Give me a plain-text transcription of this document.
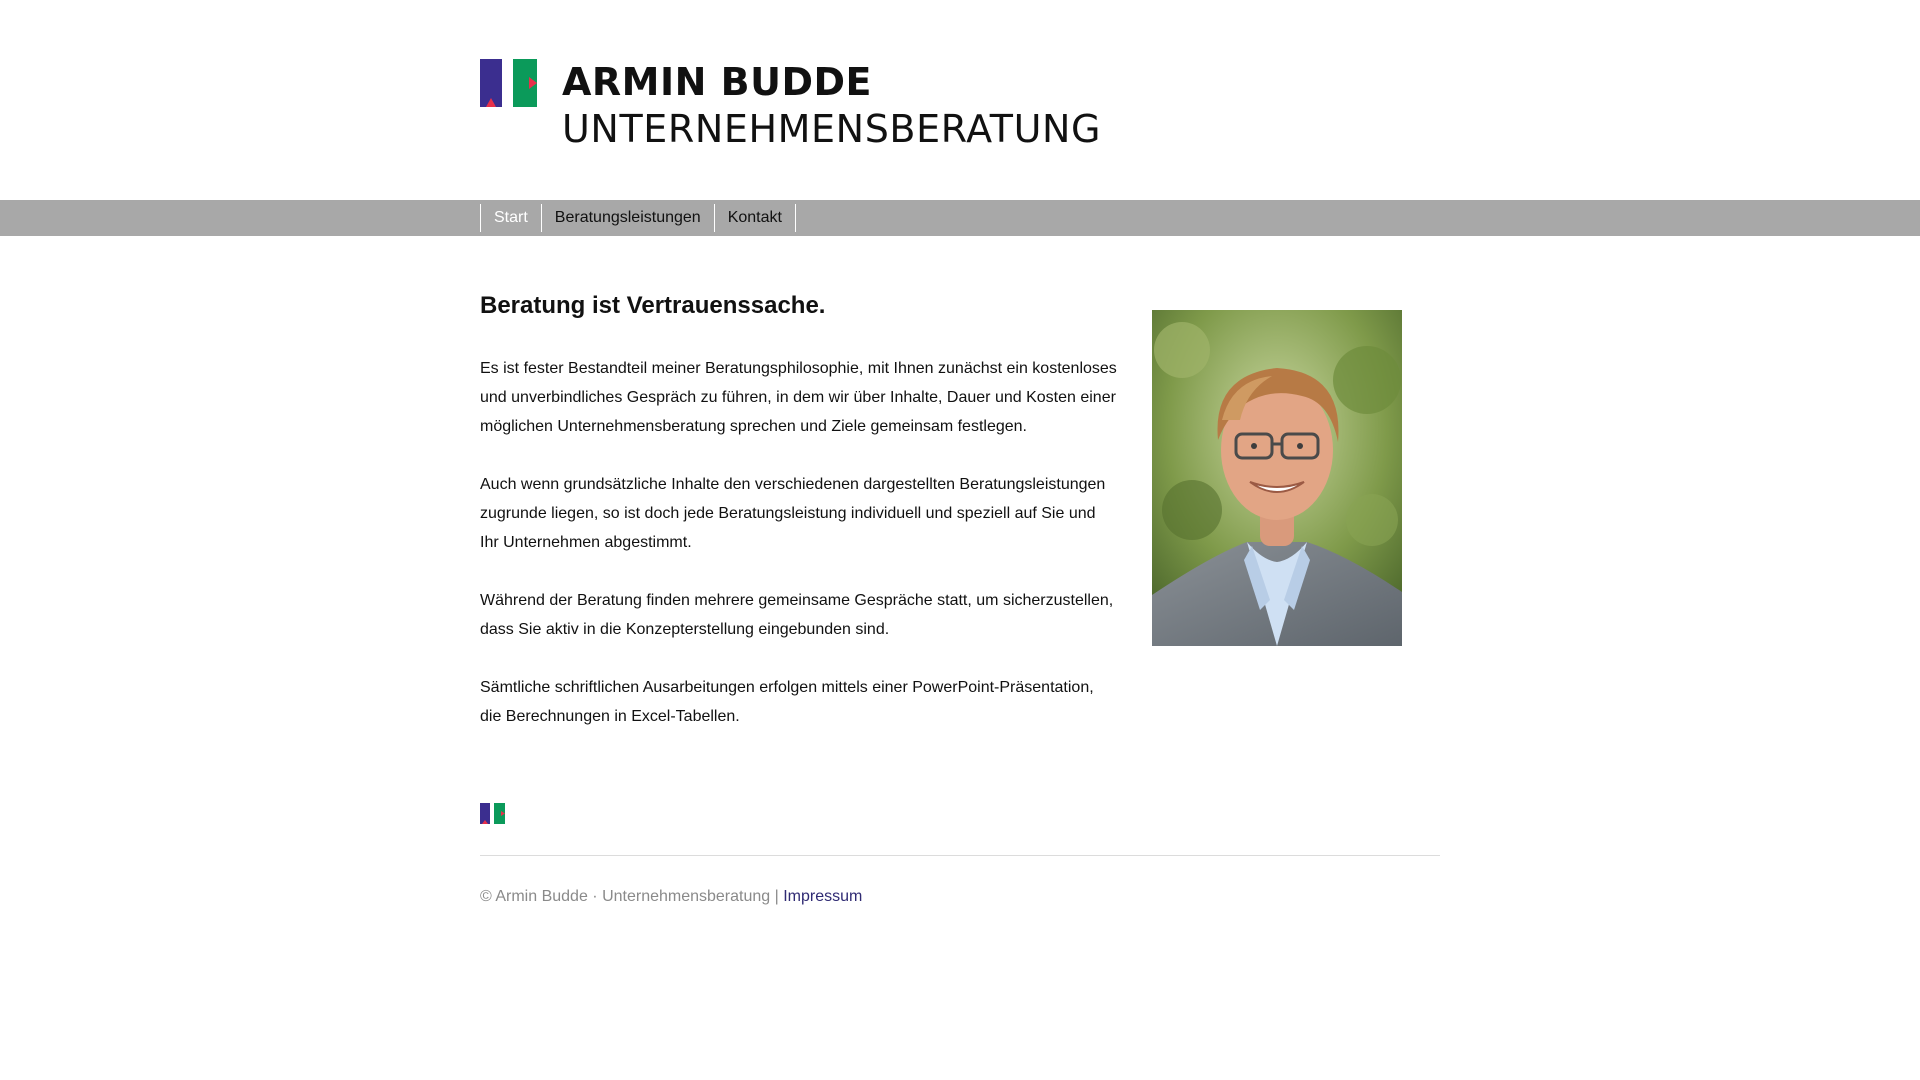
ARMIN BUDDE
UNTERNEHMENSBERATUNG
Start	Beratungsleistungen	Kontakt
Beratung ist Vertrauenssache.

Es ist fester Bestandteil meiner Beratungsphilosophie, mit Ihnen zunächst ein kostenloses und unverbindliches Gespräch zu führen, in dem wir über Inhalte, Dauer und Kosten einer möglichen Unternehmensberatung sprechen und Ziele gemeinsam festlegen.

Auch wenn grundsätzliche Inhalte den verschiedenen dargestellten Beratungsleistungen zugrunde liegen, so ist doch jede Beratungsleistung individuell und speziell auf Sie und Ihr Unternehmen abgestimmt.

Während der Beratung finden mehrere gemeinsame Gespräche statt, um sicherzustellen, dass Sie aktiv in die Konzepterstellung eingebunden sind.

Sämtliche schriftlichen Ausarbeitungen erfolgen mittels einer PowerPoint-Präsentation, die Berechnungen in Excel-Tabellen.

© Armin Budde · Unternehmensberatung | Impressum
